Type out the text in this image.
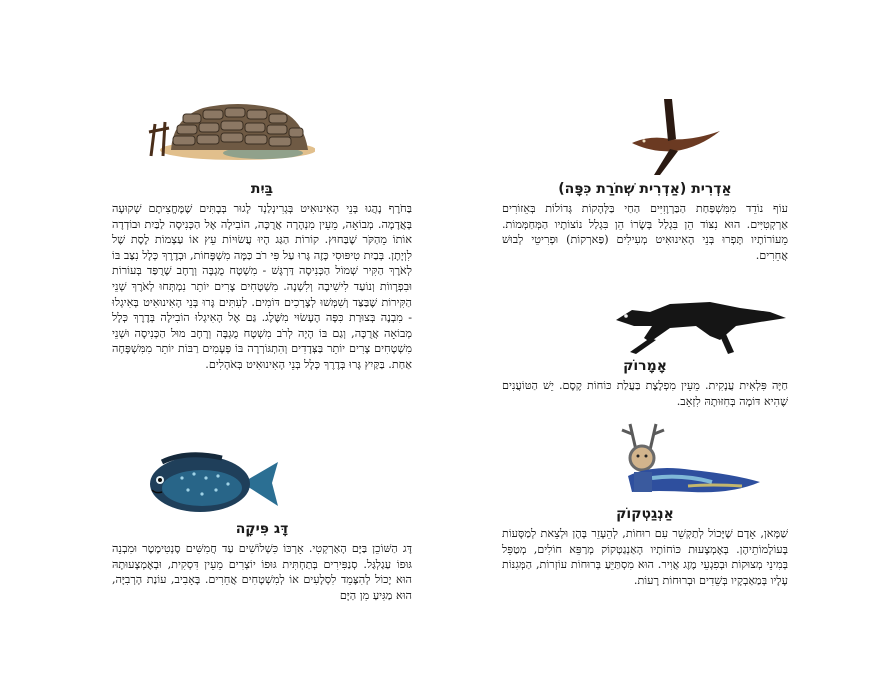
בַּיִת

בַּחֹרֶף נָהֲגוּ בְּנֵי הָאִינוּאִיט בְּגְרִינְלַנְד לָגוּר בְּבָתִּים שֶׁמֶּחֱצִיתָם שְׁקוּעָה בָּאֲדָמָה. מְבוֹאָה, מֵעֵין מִנְהָרָה אֲרֻכָּה, הוֹבִילָה אֶל הַכְּנִיסָה לַבַּיִת וּבוֹדְדָה אוֹתוֹ מֵהַקֹּר שֶׁבַּחוּץ. קוֹרוֹת הַגַּג הָיוּ עֲשׂוּיוֹת עֵץ אוֹ עַצְמוֹת לֶסֶת שֶׁל לִוְיָתָן. בְּבַיִת טִיפּוּסִי כָּזֶה גָּרוּ עַל פִּי רֹב כַּמָּה מִשְׁפָּחוֹת, וּבְדֶרֶךְ כְּלָל נִצַּב בּוֹ לְאֹרֶךְ הַקִּיר שְׁמוֹל הַכְּנִיסָה דַּרְגָּשׁ - מִשְׁטָח מֻגְבָּה וְרָחָב שֶׁרֻפַּד בְּעוֹרוֹת וּבִפְרָווֹת וְנוֹעַד לִישִׁיבָה וְלִשְׁנָה. מִשְׁטָחִים צָרִים יוֹתֵר נִמְתְּחוּ לְאֹרֶךְ שְׁנֵי הַקִּירוֹת שֶׁבַּצַּד וְשִׁמְּשׁוּ לְצָרְכִים דּוֹמִים. לְעִתִּים גָּרוּ בְּנֵי הָאִינוּאִיט בְּאִיגְלוּ - מִבְנֶה בְּצוּרַת כִּפָּה הֶעָשׂוּי מִשֶּׁלֶג. גַּם אֶל הָאִיגְלוּ הוֹבִילָה בְּדֶרֶךְ כְּלָל מְבוֹאָה אֲרֻכָּה, וְגַם בּוֹ הָיָה לְרֹב מִשְׁטָח מֻגְבָּה וְרָחָב מוּל הַכְּנִיסָה וּשְׁנֵי מִשְׁטָחִים צָרִים יוֹתֵר בַּצְּדָדִים וְהִתְגּוֹרְרָה בּוֹ פְּעָמִים רַבּוֹת יוֹתֵר מִמִּשְׁפָּחָה אַחַת. בַּקַּיִץ גָּרוּ בְּדֶרֶךְ כְּלָל בְּנֵי הָאִינוּאִיט בְּאֹהָלִים.

דָּג פִּיקָה

דָּג הַשּׁוֹכֵן בַּיָּם הָאַרְקְטִי. אָרְכּוֹ כִּשְׁלוֹשִׁים עַד חֲמִשִּׁים סֶנְטִימֶטֶר וּמִבְנֵה גּוּפוֹ עַגַלְגַּל. סְנַפִּירִים בְּתַחְתִּית גּוּפוֹ יוֹצְרִים מֵעֵין דִּסְקִית, וּבְאֶמְצָעוּתָהּ הוּא יָכוֹל לְהִצָּמֵד לִסְלָעִים אוֹ לְמִשְׁטָחִים אֲחֵרִים. בָּאָבִיב, עוֹנַת הָרְבִיָּה, הוּא מַגִּיעַ מִן הַיָּם

אַדְרִית (אַדְרִית שְׁחֹרַת כִּפָּה)

עוֹף נוֹדֵד מִמִּשְׁפַּחַת הַבַּרְוָזִיִּים הַחַי בַּלְּהָקוֹת גְּדוֹלוֹת בְּאֵזוֹרִים אַרְקְטִיִּים. הוּא נִצּוֹד הֵן בִּגְלַל בְּשָׂרוֹ הֵן בִּגְלַל נוֹצוֹתָיו הַמְּחַמְּמוֹת. מֵעוֹרוֹתָיו תָּפְרוּ בְּנֵי הָאִינוּאִיט מְעִילִים (פַּארְקוֹת) וּפְרִיטֵי לְבוּשׁ אֲחֵרִים.

אָמָרוֹק

חַיָּה פִּלְאִית עֲנָקִית. מֵעֵין מִפְלֶצֶת בַּעֲלַת כּוֹחוֹת קֶסֶם. יֵשׁ הַטּוֹעֲנִים שֶׁהִיא דּוֹמָה בְּחִזּוּתָהּ לִזְאֵב.

אַנְגַטְקוֹק

שַׁמָּאן, אָדָם שֶׁיָּכוֹל לְתַקְשֵׁר עִם רוּחוֹת, לְהֵעָזֵר בָּהֶן וּלְצֵאת לְמַסָּעוֹת בָּעוֹלָמוֹתֵיהֶן. בְּאֶמְצָעוּת כּוֹחוֹתָיו הָאַנְגַטְקוֹק מְרַפֵּא חוֹלִים, מְטַפֵּל בְּמִינֵי מְצוּקוֹת וּבְפִגְעֵי מֶזֶג אֲוִיר. הוּא מִסְתַּיֵּעַ בְּרוּחוֹת עוֹזְרוֹת, הַמְּגִנּוֹת עָלָיו בְּמַאַבְקָיו בְּשֵׁדִים וּבְרוּחוֹת רָעוֹת.
